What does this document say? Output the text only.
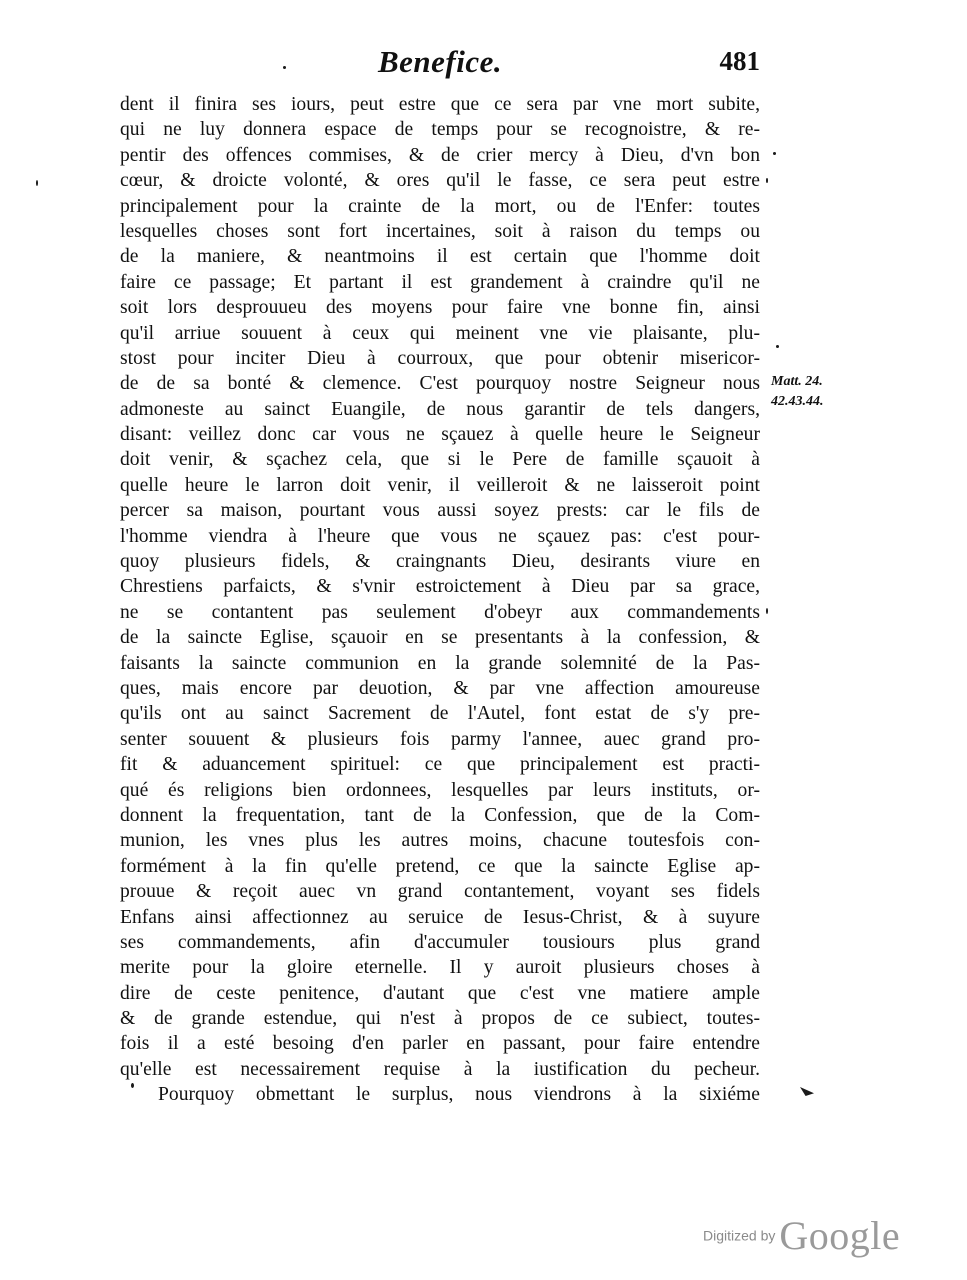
Benefice.	481
dent il finira ses iours, peut estre que ce sera par vne mort subite,
qui ne luy donnera espace de temps pour se recognoistre, & re-
pentir des offences commises, & de crier mercy à Dieu, d'vn bon
cœur, & droicte volonté, & ores qu'il le fasse, ce sera peut estre
principalement pour la crainte de la mort, ou de l'Enfer: toutes
lesquelles choses sont fort incertaines, soit à raison du temps ou
de la maniere, & neantmoins il est certain que l'homme doit
faire ce passage; Et partant il est grandement à craindre qu'il ne
soit lors desprouueu des moyens pour faire vne bonne fin, ainsi
qu'il arriue souuent à ceux qui meinent vne vie plaisante, plu-
stost pour inciter Dieu à courroux, que pour obtenir misericor-
de de sa bonté & clemence. C'est pourquoy nostre Seigneur nous
admoneste au sainct Euangile, de nous garantir de tels dangers,
disant: veillez donc car vous ne sçauez à quelle heure le Seigneur
doit venir, & sçachez cela, que si le Pere de famille sçauoit à
quelle heure le larron doit venir, il veilleroit & ne laisseroit point
percer sa maison, pourtant vous aussi soyez prests: car le fils de
l'homme viendra à l'heure que vous ne sçauez pas: c'est pour-
quoy plusieurs fidels, & craingnants Dieu, desirants viure en
Chrestiens parfaicts, & s'vnir estroictement à Dieu par sa grace,
ne se contantent pas seulement d'obeyr aux commandements
de la saincte Eglise, sçauoir en se presentants à la confession, &
faisants la saincte communion en la grande solemnité de la Pas-
ques, mais encore par deuotion, & par vne affection amoureuse
qu'ils ont au sainct Sacrement de l'Autel, font estat de s'y pre-
senter souuent & plusieurs fois parmy l'annee, auec grand pro-
fit & aduancement spirituel: ce que principalement est practi-
qué és religions bien ordonnees, lesquelles par leurs instituts, or-
donnent la frequentation, tant de la Confession, que de la Com-
munion, les vnes plus les autres moins, chacune toutesfois con-
formément à la fin qu'elle pretend, ce que la saincte Eglise ap-
prouue & reçoit auec vn grand contantement, voyant ses fidels
Enfans ainsi affectionnez au seruice de Iesus-Christ, & à suyure
ses commandements, afin d'accumuler tousiours plus grand
merite pour la gloire eternelle. Il y auroit plusieurs choses à
dire de ceste penitence, d'autant que c'est vne matiere ample
& de grande estendue, qui n'est à propos de ce subiect, toutes-
fois il a esté besoing d'en parler en passant, pour faire entendre
qu'elle est necessairement requise à la iustification du pecheur.
Pourquoy obmettant le surplus, nous viendrons à la sixiéme
Matt. 24.
42.43.44.
Digitized by Google
